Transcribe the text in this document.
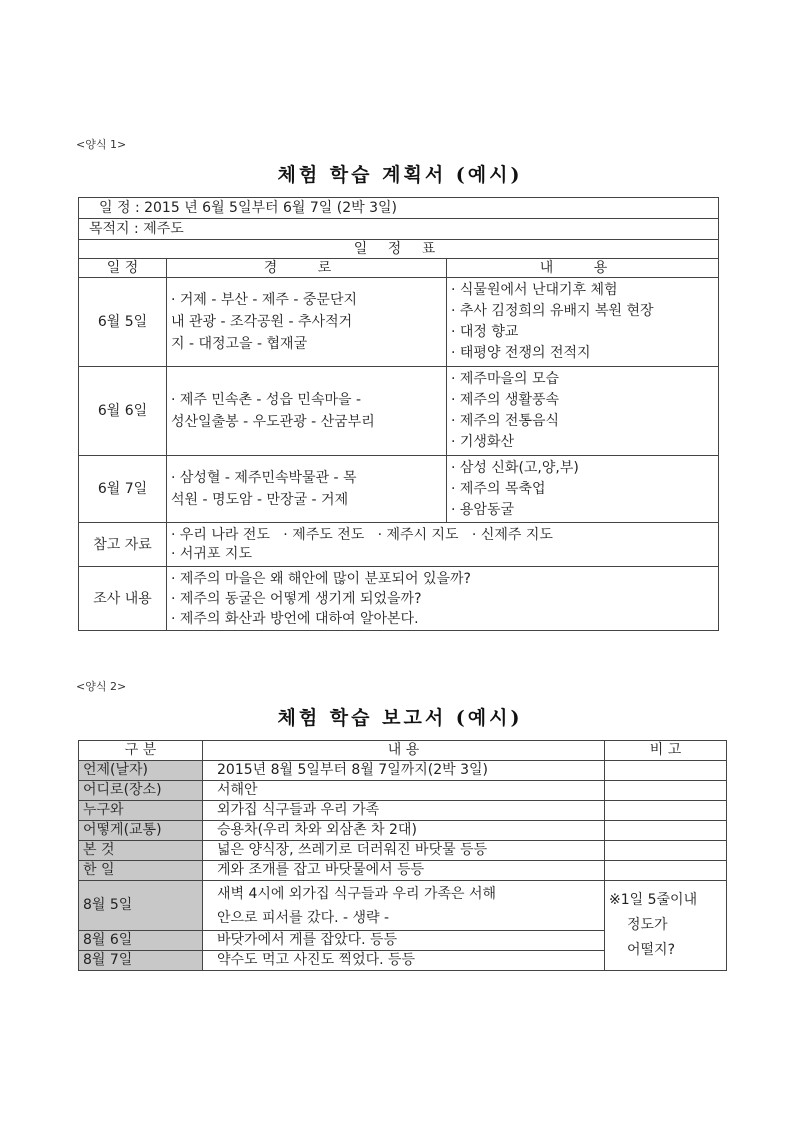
<양식 1>
체험 학습 계획서 (예시)
일 정 : 2015 년 6월 5일부터 6월 7일 (2박 3일)		
목적지 : 제주도		
일 정 표		
일 정	경 로	내 용
6월 5일	· 거제 - 부산 - 제주 - 중문단지
내 관광 - 조각공원 - 추사적거
지 - 대정고을 - 협재굴	· 식물원에서 난대기후 체험
· 추사 김정희의 유배지 복원 현장
· 대정 향교
· 태평양 전쟁의 전적지

6월 6일	· 제주 민속촌 - 성읍 민속마을 -
성산일출봉 - 우도관광 - 산굼부리	· 제주마을의 모습
· 제주의 생활풍속
· 제주의 전통음식
· 기생화산

6월 7일	· 삼성혈 - 제주민속박물관 - 목
석원 - 명도암 - 만장굴 - 거제	· 삼성 신화(고,양,부)
· 제주의 목축업
· 용암동굴

참고 자료	· 우리 나라 전도   · 제주도 전도   · 제주시 지도   · 신제주 지도
· 서귀포 지도	

조사 내용	· 제주의 마을은 왜 해안에 많이 분포되어 있을까?
· 제주의 동굴은 어떻게 생기게 되었을까?
· 제주의 화산과 방언에 대하여 알아본다.	
<양식 2>
체험 학습 보고서 (예시)
구 분	내 용	비 고
언제(날자)	2015년 8월 5일부터 8월 7일까지(2박 3일)	
어디로(장소)	서해안	
누구와	외가집 식구들과 우리 가족	
어떻게(교통)	승용차(우리 차와 외삼촌 차 2대)	
본 것	넓은 양식장, 쓰레기로 더러워진 바닷물 등등	
한 일	게와 조개를 잡고 바닷물에서 등등	
8월 5일	새벽 4시에 외가집 식구들과 우리 가족은 서해
안으로 피서를 갔다. - 생략 -	※1일 5줄이내
정도가
어떨지?

8월 6일	바닷가에서 게를 잡았다. 등등	
8월 7일	약수도 먹고 사진도 찍었다. 등등	
